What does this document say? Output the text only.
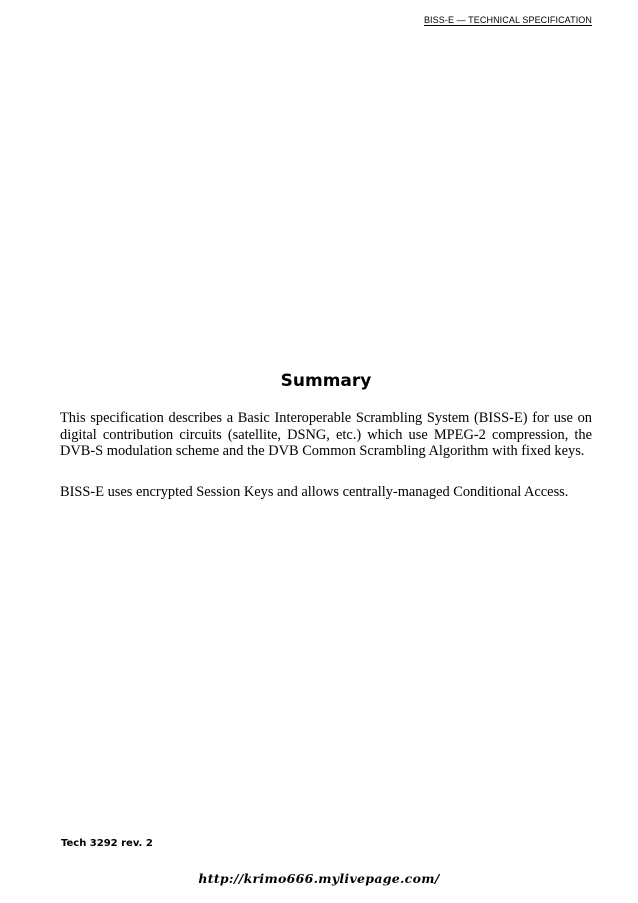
BISS-E — TECHNICAL SPECIFICATION
Summary

This specification describes a Basic Interoperable Scrambling System (BISS-E) for use on digital contribution circuits (satellite, DSNG, etc.) which use MPEG-2 compression, the DVB-S modulation scheme and the DVB Common Scrambling Algorithm with fixed keys.

BISS-E uses encrypted Session Keys and allows centrally-managed Conditional Access.

Tech 3292 rev. 2
http://krimo666.mylivepage.com/
